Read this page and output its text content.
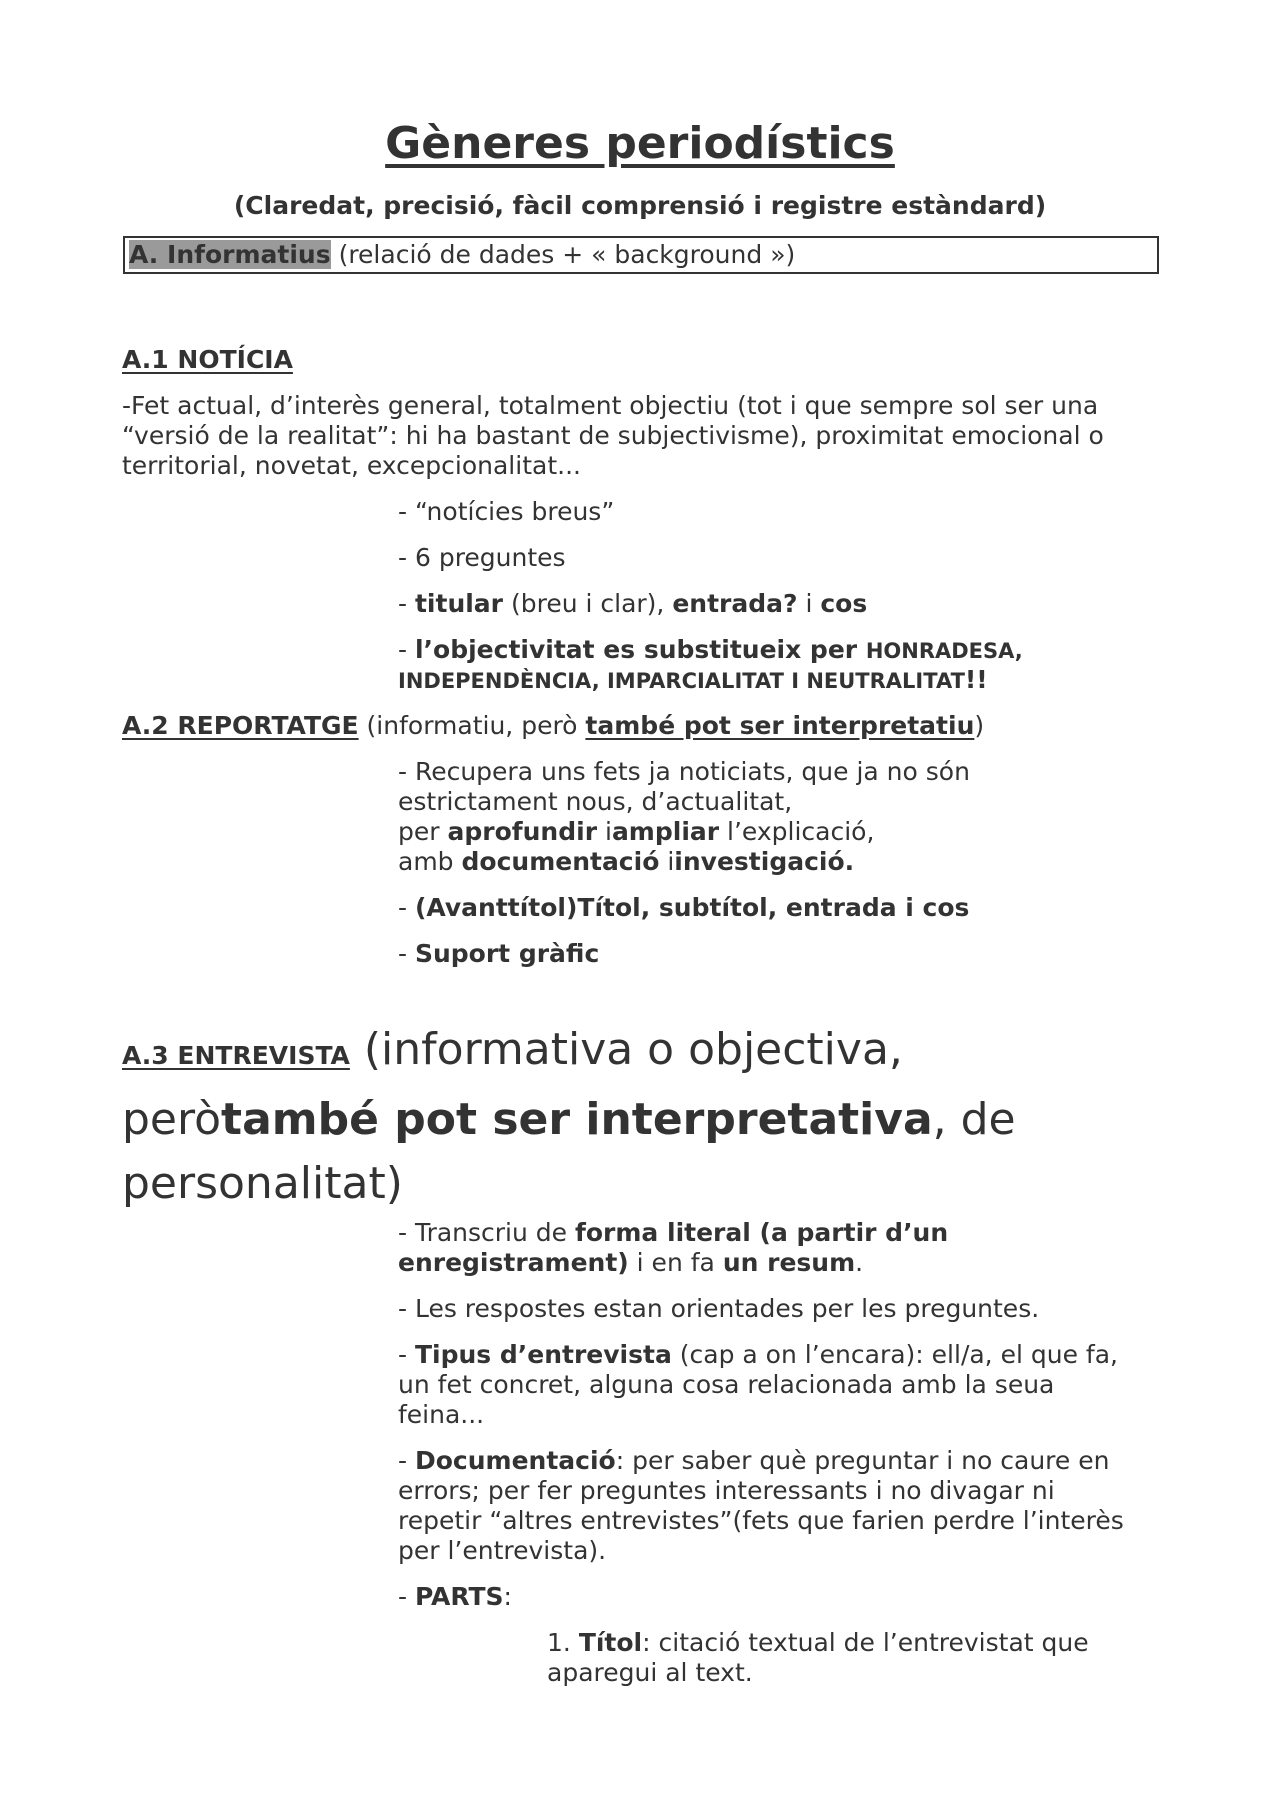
Gèneres periodístics
(Claredat, precisió, fàcil comprensió i registre estàndard)
A. Informatius (relació de dades + « background »)
A.1 NOTÍCIA
-Fet actual, d’interès general, totalment objectiu (tot i que sempre sol ser una
“versió de la realitat”: hi ha bastant de subjectivisme), proximitat emocional o
territorial, novetat, excepcionalitat...
- “notícies breus”
- 6 preguntes
- titular (breu i clar), entrada? i cos
- l’objectivitat es substitueix per HONRADESA,
INDEPENDÈNCIA, IMPARCIALITAT I NEUTRALITAT!!
A.2 REPORTATGE (informatiu, però també pot ser interpretatiu)
- Recupera uns fets ja noticiats, que ja no són
estrictament nous, d’actualitat,
per aprofundir iampliar l’explicació,
amb documentació iinvestigació.
- (Avanttítol)Títol, subtítol, entrada i cos
- Suport gràfic
A.3 ENTREVISTA (informativa o objectiva,
peròtambé pot ser interpretativa, de
personalitat)
- Transcriu de forma literal (a partir d’un
enregistrament) i en fa un resum.
- Les respostes estan orientades per les preguntes.
- Tipus d’entrevista (cap a on l’encara): ell/a, el que fa,
un fet concret, alguna cosa relacionada amb la seua
feina...
- Documentació: per saber què preguntar i no caure en
errors; per fer preguntes interessants i no divagar ni
repetir “altres entrevistes”(fets que farien perdre l’interès
per l’entrevista).
- PARTS:
1. Títol: citació textual de l’entrevistat que
aparegui al text.
